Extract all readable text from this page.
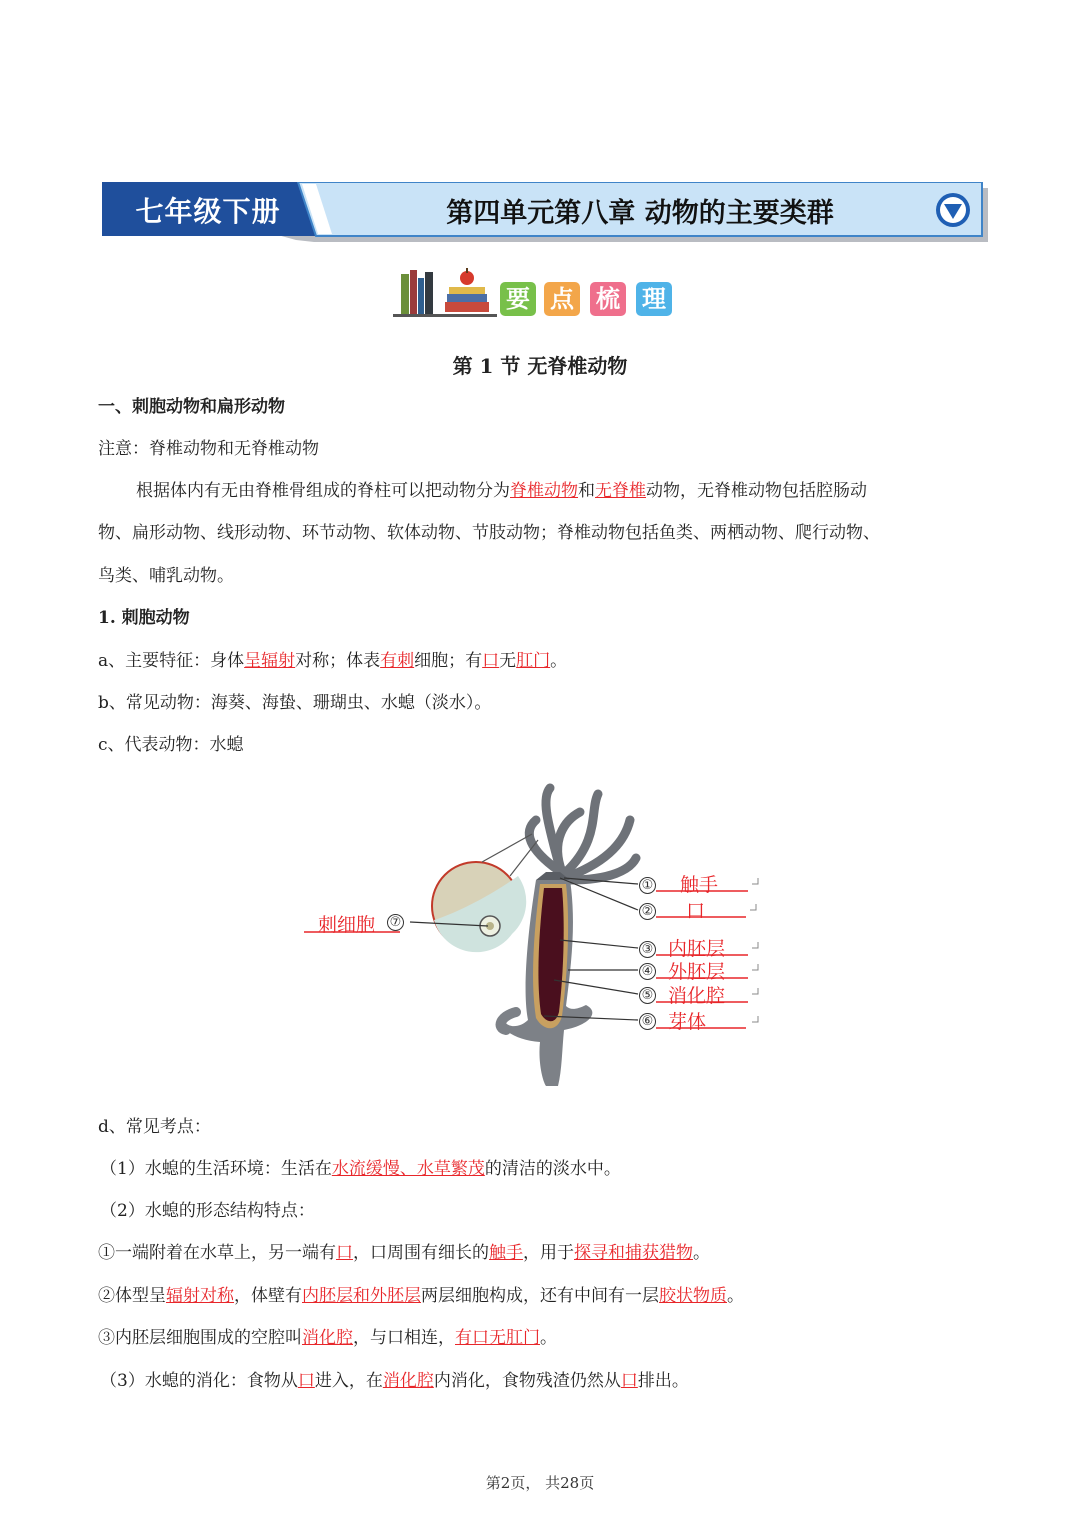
七年级下册	第四单元第八章 动物的主要类群
要 点 梳 理
第 1 节 无脊椎动物
一、刺胞动物和扁形动物
注意：脊椎动物和无脊椎动物
根据体内有无由脊椎骨组成的脊柱可以把动物分为脊椎动物和无脊椎动物，无脊椎动物包括腔肠动
物、扁形动物、线形动物、环节动物、软体动物、节肢动物；脊椎动物包括鱼类、两栖动物、爬行动物、
鸟类、哺乳动物。
1. 刺胞动物
a、主要特征：身体呈辐射对称；体表有刺细胞；有口无肛门。
b、常见动物：海葵、海蛰、珊瑚虫、水螅（淡水）。
c、代表动物：水螅
① 触手
② 口
③ 内胚层
④ 外胚层
⑤ 消化腔
⑥ 芽体
刺细胞 ⑦
d、常见考点：
（1）水螅的生活环境：生活在水流缓慢、水草繁茂的清洁的淡水中。
（2）水螅的形态结构特点：
①一端附着在水草上，另一端有口，口周围有细长的触手，用于探寻和捕获猎物。
②体型呈辐射对称，体壁有内胚层和外胚层两层细胞构成，还有中间有一层胶状物质。
③内胚层细胞围成的空腔叫消化腔，与口相连，有口无肛门。
（3）水螅的消化：食物从口进入，在消化腔内消化，食物残渣仍然从口排出。
第2页， 共28页
